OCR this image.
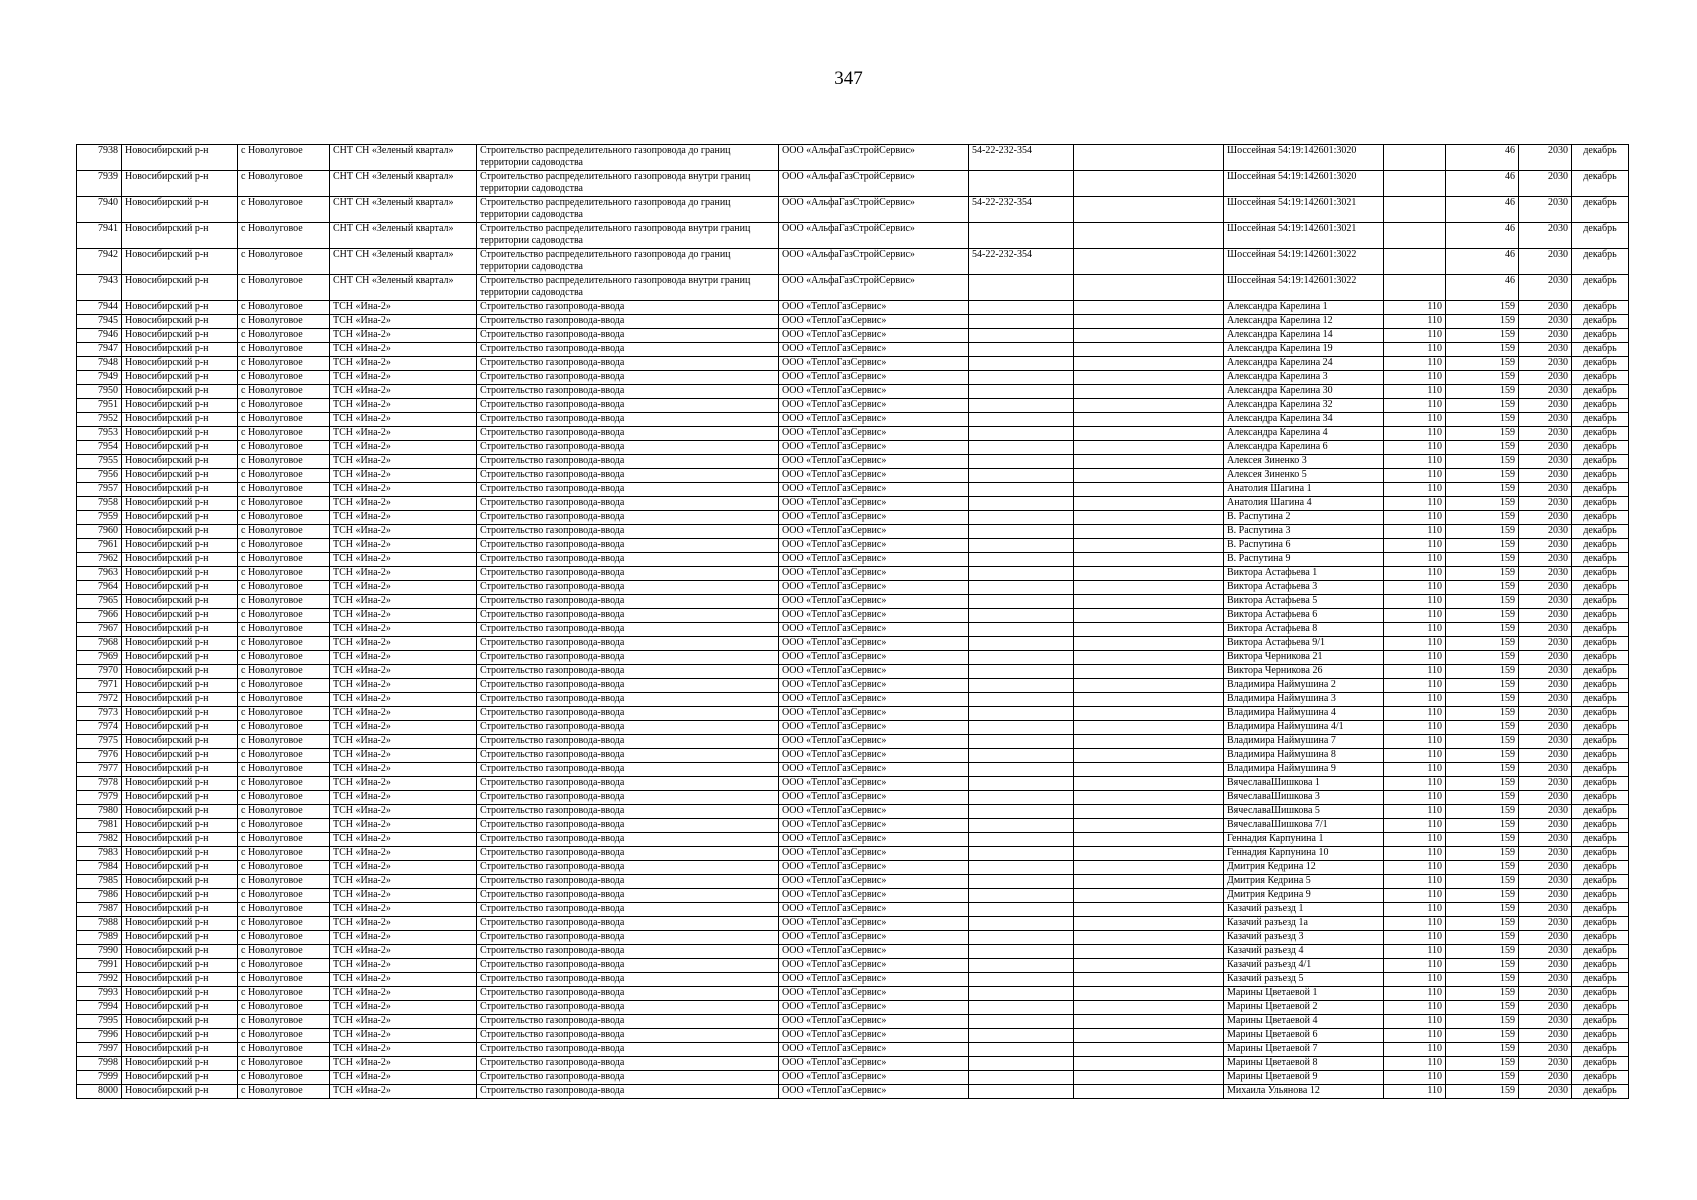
347
7938	Новосибирский р-н	с Новолуговое	СНТ СН «Зеленый квартал»	Строительство распределительного газопровода до границ территории садоводства	ООО «АльфаГазСтройСервис»	54-22-232-354		Шоссейная 54:19:142601:3020		46	2030	декабрь
7939	Новосибирский р-н	с Новолуговое	СНТ СН «Зеленый квартал»	Строительство распределительного газопровода внутри границ территории садоводства	ООО «АльфаГазСтройСервис»			Шоссейная 54:19:142601:3020		46	2030	декабрь
7940	Новосибирский р-н	с Новолуговое	СНТ СН «Зеленый квартал»	Строительство распределительного газопровода до границ территории садоводства	ООО «АльфаГазСтройСервис»	54-22-232-354		Шоссейная 54:19:142601:3021		46	2030	декабрь
7941	Новосибирский р-н	с Новолуговое	СНТ СН «Зеленый квартал»	Строительство распределительного газопровода внутри границ территории садоводства	ООО «АльфаГазСтройСервис»			Шоссейная 54:19:142601:3021		46	2030	декабрь
7942	Новосибирский р-н	с Новолуговое	СНТ СН «Зеленый квартал»	Строительство распределительного газопровода до границ территории садоводства	ООО «АльфаГазСтройСервис»	54-22-232-354		Шоссейная 54:19:142601:3022		46	2030	декабрь
7943	Новосибирский р-н	с Новолуговое	СНТ СН «Зеленый квартал»	Строительство распределительного газопровода внутри границ территории садоводства	ООО «АльфаГазСтройСервис»			Шоссейная 54:19:142601:3022		46	2030	декабрь
7944	Новосибирский р-н	с Новолуговое	ТСН «Ина-2»	Строительство газопровода-ввода	ООО «ТеплоГазСервис»			Александра Карелина 1	110	159	2030	декабрь
7945	Новосибирский р-н	с Новолуговое	ТСН «Ина-2»	Строительство газопровода-ввода	ООО «ТеплоГазСервис»			Александра Карелина 12	110	159	2030	декабрь
7946	Новосибирский р-н	с Новолуговое	ТСН «Ина-2»	Строительство газопровода-ввода	ООО «ТеплоГазСервис»			Александра Карелина 14	110	159	2030	декабрь
7947	Новосибирский р-н	с Новолуговое	ТСН «Ина-2»	Строительство газопровода-ввода	ООО «ТеплоГазСервис»			Александра Карелина 19	110	159	2030	декабрь
7948	Новосибирский р-н	с Новолуговое	ТСН «Ина-2»	Строительство газопровода-ввода	ООО «ТеплоГазСервис»			Александра Карелина 24	110	159	2030	декабрь
7949	Новосибирский р-н	с Новолуговое	ТСН «Ина-2»	Строительство газопровода-ввода	ООО «ТеплоГазСервис»			Александра Карелина 3	110	159	2030	декабрь
7950	Новосибирский р-н	с Новолуговое	ТСН «Ина-2»	Строительство газопровода-ввода	ООО «ТеплоГазСервис»			Александра Карелина 30	110	159	2030	декабрь
7951	Новосибирский р-н	с Новолуговое	ТСН «Ина-2»	Строительство газопровода-ввода	ООО «ТеплоГазСервис»			Александра Карелина 32	110	159	2030	декабрь
7952	Новосибирский р-н	с Новолуговое	ТСН «Ина-2»	Строительство газопровода-ввода	ООО «ТеплоГазСервис»			Александра Карелина 34	110	159	2030	декабрь
7953	Новосибирский р-н	с Новолуговое	ТСН «Ина-2»	Строительство газопровода-ввода	ООО «ТеплоГазСервис»			Александра Карелина 4	110	159	2030	декабрь
7954	Новосибирский р-н	с Новолуговое	ТСН «Ина-2»	Строительство газопровода-ввода	ООО «ТеплоГазСервис»			Александра Карелина 6	110	159	2030	декабрь
7955	Новосибирский р-н	с Новолуговое	ТСН «Ина-2»	Строительство газопровода-ввода	ООО «ТеплоГазСервис»			Алексея Зиненко 3	110	159	2030	декабрь
7956	Новосибирский р-н	с Новолуговое	ТСН «Ина-2»	Строительство газопровода-ввода	ООО «ТеплоГазСервис»			Алексея Зиненко 5	110	159	2030	декабрь
7957	Новосибирский р-н	с Новолуговое	ТСН «Ина-2»	Строительство газопровода-ввода	ООО «ТеплоГазСервис»			Анатолия Шагина 1	110	159	2030	декабрь
7958	Новосибирский р-н	с Новолуговое	ТСН «Ина-2»	Строительство газопровода-ввода	ООО «ТеплоГазСервис»			Анатолия Шагина 4	110	159	2030	декабрь
7959	Новосибирский р-н	с Новолуговое	ТСН «Ина-2»	Строительство газопровода-ввода	ООО «ТеплоГазСервис»			В. Распутина 2	110	159	2030	декабрь
7960	Новосибирский р-н	с Новолуговое	ТСН «Ина-2»	Строительство газопровода-ввода	ООО «ТеплоГазСервис»			В. Распутина 3	110	159	2030	декабрь
7961	Новосибирский р-н	с Новолуговое	ТСН «Ина-2»	Строительство газопровода-ввода	ООО «ТеплоГазСервис»			В. Распутина 6	110	159	2030	декабрь
7962	Новосибирский р-н	с Новолуговое	ТСН «Ина-2»	Строительство газопровода-ввода	ООО «ТеплоГазСервис»			В. Распутина 9	110	159	2030	декабрь
7963	Новосибирский р-н	с Новолуговое	ТСН «Ина-2»	Строительство газопровода-ввода	ООО «ТеплоГазСервис»			Виктора Астафьева 1	110	159	2030	декабрь
7964	Новосибирский р-н	с Новолуговое	ТСН «Ина-2»	Строительство газопровода-ввода	ООО «ТеплоГазСервис»			Виктора Астафьева 3	110	159	2030	декабрь
7965	Новосибирский р-н	с Новолуговое	ТСН «Ина-2»	Строительство газопровода-ввода	ООО «ТеплоГазСервис»			Виктора Астафьева 5	110	159	2030	декабрь
7966	Новосибирский р-н	с Новолуговое	ТСН «Ина-2»	Строительство газопровода-ввода	ООО «ТеплоГазСервис»			Виктора Астафьева 6	110	159	2030	декабрь
7967	Новосибирский р-н	с Новолуговое	ТСН «Ина-2»	Строительство газопровода-ввода	ООО «ТеплоГазСервис»			Виктора Астафьева 8	110	159	2030	декабрь
7968	Новосибирский р-н	с Новолуговое	ТСН «Ина-2»	Строительство газопровода-ввода	ООО «ТеплоГазСервис»			Виктора Астафьева 9/1	110	159	2030	декабрь
7969	Новосибирский р-н	с Новолуговое	ТСН «Ина-2»	Строительство газопровода-ввода	ООО «ТеплоГазСервис»			Виктора Черникова 21	110	159	2030	декабрь
7970	Новосибирский р-н	с Новолуговое	ТСН «Ина-2»	Строительство газопровода-ввода	ООО «ТеплоГазСервис»			Виктора Черникова 26	110	159	2030	декабрь
7971	Новосибирский р-н	с Новолуговое	ТСН «Ина-2»	Строительство газопровода-ввода	ООО «ТеплоГазСервис»			Владимира Наймушина 2	110	159	2030	декабрь
7972	Новосибирский р-н	с Новолуговое	ТСН «Ина-2»	Строительство газопровода-ввода	ООО «ТеплоГазСервис»			Владимира Наймушина 3	110	159	2030	декабрь
7973	Новосибирский р-н	с Новолуговое	ТСН «Ина-2»	Строительство газопровода-ввода	ООО «ТеплоГазСервис»			Владимира Наймушина 4	110	159	2030	декабрь
7974	Новосибирский р-н	с Новолуговое	ТСН «Ина-2»	Строительство газопровода-ввода	ООО «ТеплоГазСервис»			Владимира Наймушина 4/1	110	159	2030	декабрь
7975	Новосибирский р-н	с Новолуговое	ТСН «Ина-2»	Строительство газопровода-ввода	ООО «ТеплоГазСервис»			Владимира Наймушина 7	110	159	2030	декабрь
7976	Новосибирский р-н	с Новолуговое	ТСН «Ина-2»	Строительство газопровода-ввода	ООО «ТеплоГазСервис»			Владимира Наймушина 8	110	159	2030	декабрь
7977	Новосибирский р-н	с Новолуговое	ТСН «Ина-2»	Строительство газопровода-ввода	ООО «ТеплоГазСервис»			Владимира Наймушина 9	110	159	2030	декабрь
7978	Новосибирский р-н	с Новолуговое	ТСН «Ина-2»	Строительство газопровода-ввода	ООО «ТеплоГазСервис»			ВячеславаШишкова 1	110	159	2030	декабрь
7979	Новосибирский р-н	с Новолуговое	ТСН «Ина-2»	Строительство газопровода-ввода	ООО «ТеплоГазСервис»			ВячеславаШишкова 3	110	159	2030	декабрь
7980	Новосибирский р-н	с Новолуговое	ТСН «Ина-2»	Строительство газопровода-ввода	ООО «ТеплоГазСервис»			ВячеславаШишкова 5	110	159	2030	декабрь
7981	Новосибирский р-н	с Новолуговое	ТСН «Ина-2»	Строительство газопровода-ввода	ООО «ТеплоГазСервис»			ВячеславаШишкова 7/1	110	159	2030	декабрь
7982	Новосибирский р-н	с Новолуговое	ТСН «Ина-2»	Строительство газопровода-ввода	ООО «ТеплоГазСервис»			Геннадия Карпунина 1	110	159	2030	декабрь
7983	Новосибирский р-н	с Новолуговое	ТСН «Ина-2»	Строительство газопровода-ввода	ООО «ТеплоГазСервис»			Геннадия Карпунина 10	110	159	2030	декабрь
7984	Новосибирский р-н	с Новолуговое	ТСН «Ина-2»	Строительство газопровода-ввода	ООО «ТеплоГазСервис»			Дмитрия Кедрина 12	110	159	2030	декабрь
7985	Новосибирский р-н	с Новолуговое	ТСН «Ина-2»	Строительство газопровода-ввода	ООО «ТеплоГазСервис»			Дмитрия Кедрина 5	110	159	2030	декабрь
7986	Новосибирский р-н	с Новолуговое	ТСН «Ина-2»	Строительство газопровода-ввода	ООО «ТеплоГазСервис»			Дмитрия Кедрина 9	110	159	2030	декабрь
7987	Новосибирский р-н	с Новолуговое	ТСН «Ина-2»	Строительство газопровода-ввода	ООО «ТеплоГазСервис»			Казачий разъезд 1	110	159	2030	декабрь
7988	Новосибирский р-н	с Новолуговое	ТСН «Ина-2»	Строительство газопровода-ввода	ООО «ТеплоГазСервис»			Казачий разъезд 1а	110	159	2030	декабрь
7989	Новосибирский р-н	с Новолуговое	ТСН «Ина-2»	Строительство газопровода-ввода	ООО «ТеплоГазСервис»			Казачий разъезд 3	110	159	2030	декабрь
7990	Новосибирский р-н	с Новолуговое	ТСН «Ина-2»	Строительство газопровода-ввода	ООО «ТеплоГазСервис»			Казачий разъезд 4	110	159	2030	декабрь
7991	Новосибирский р-н	с Новолуговое	ТСН «Ина-2»	Строительство газопровода-ввода	ООО «ТеплоГазСервис»			Казачий разъезд 4/1	110	159	2030	декабрь
7992	Новосибирский р-н	с Новолуговое	ТСН «Ина-2»	Строительство газопровода-ввода	ООО «ТеплоГазСервис»			Казачий разъезд 5	110	159	2030	декабрь
7993	Новосибирский р-н	с Новолуговое	ТСН «Ина-2»	Строительство газопровода-ввода	ООО «ТеплоГазСервис»			Марины Цветаевой 1	110	159	2030	декабрь
7994	Новосибирский р-н	с Новолуговое	ТСН «Ина-2»	Строительство газопровода-ввода	ООО «ТеплоГазСервис»			Марины Цветаевой 2	110	159	2030	декабрь
7995	Новосибирский р-н	с Новолуговое	ТСН «Ина-2»	Строительство газопровода-ввода	ООО «ТеплоГазСервис»			Марины Цветаевой 4	110	159	2030	декабрь
7996	Новосибирский р-н	с Новолуговое	ТСН «Ина-2»	Строительство газопровода-ввода	ООО «ТеплоГазСервис»			Марины Цветаевой 6	110	159	2030	декабрь
7997	Новосибирский р-н	с Новолуговое	ТСН «Ина-2»	Строительство газопровода-ввода	ООО «ТеплоГазСервис»			Марины Цветаевой 7	110	159	2030	декабрь
7998	Новосибирский р-н	с Новолуговое	ТСН «Ина-2»	Строительство газопровода-ввода	ООО «ТеплоГазСервис»			Марины Цветаевой 8	110	159	2030	декабрь
7999	Новосибирский р-н	с Новолуговое	ТСН «Ина-2»	Строительство газопровода-ввода	ООО «ТеплоГазСервис»			Марины Цветаевой 9	110	159	2030	декабрь
8000	Новосибирский р-н	с Новолуговое	ТСН «Ина-2»	Строительство газопровода-ввода	ООО «ТеплоГазСервис»			Михаила Ульянова 12	110	159	2030	декабрь
